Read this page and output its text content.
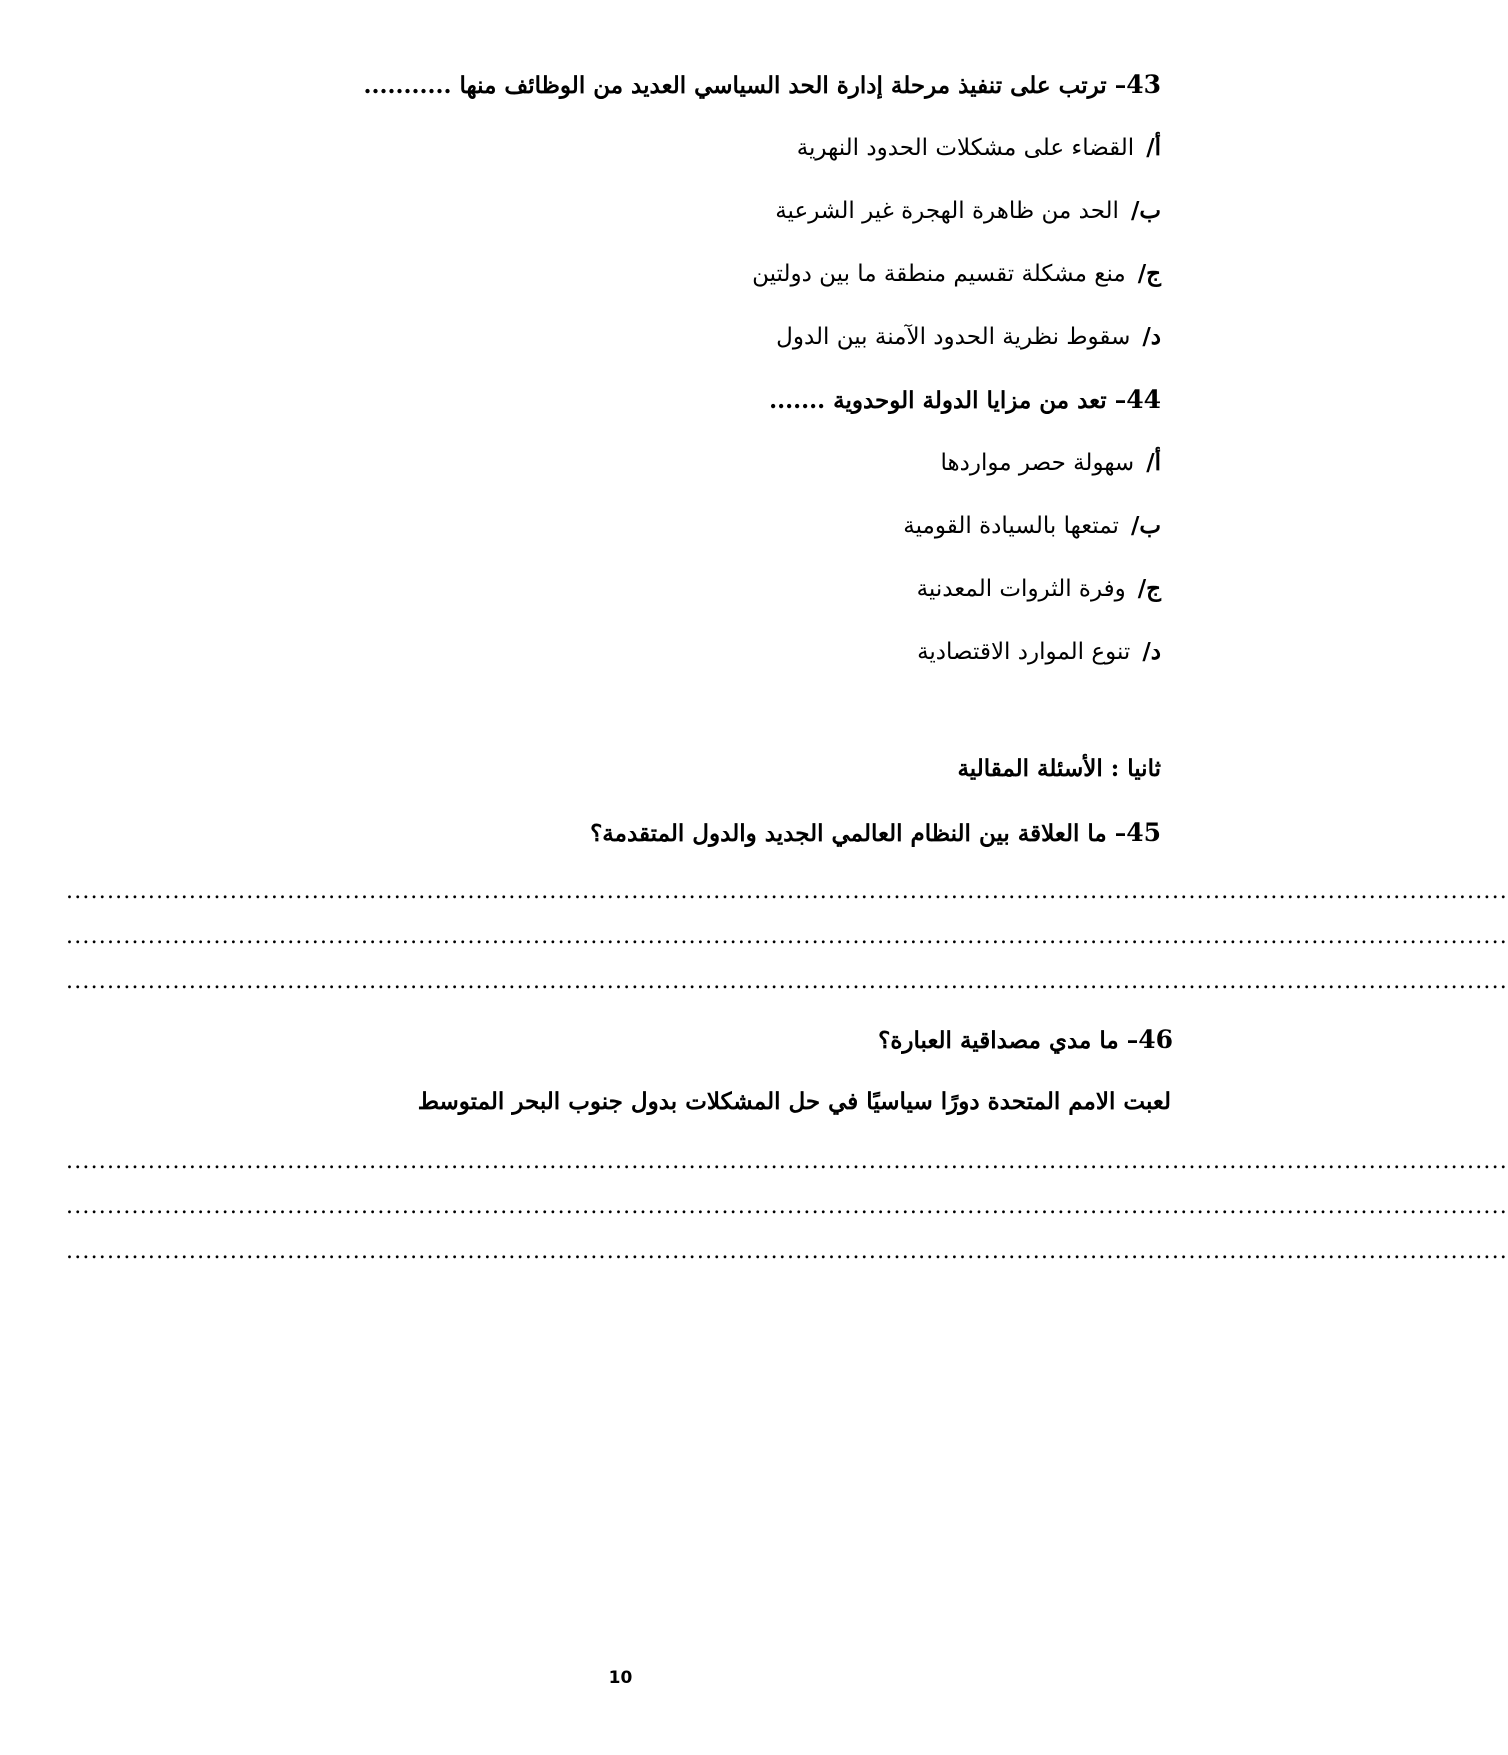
43– ترتب على تنفيذ مرحلة إدارة الحد السياسي العديد من الوظائف منها ...........
أ/القضاء على مشكلات الحدود النهرية
ب/الحد من ظاهرة الهجرة غير الشرعية
ج/منع مشكلة تقسيم منطقة ما بين دولتين
د/سقوط نظرية الحدود الآمنة بين الدول
44– تعد من مزايا الدولة الوحدوية .......
أ/سهولة حصر مواردها
ب/تمتعها بالسيادة القومية
ج/وفرة الثروات المعدنية
د/تنوع الموارد الاقتصادية
ثانيا : الأسئلة المقالية
45– ما العلاقة بين النظام العالمي الجديد والدول المتقدمة؟
................................................................................................................................................................................
................................................................................................................................................................................
................................................................................................................................................................................
46– ما مدي مصداقية العبارة؟
لعبت الامم المتحدة دورًا سياسيًا في حل المشكلات بدول جنوب البحر المتوسط
................................................................................................................................................................................
................................................................................................................................................................................
................................................................................................................................................................................
10
